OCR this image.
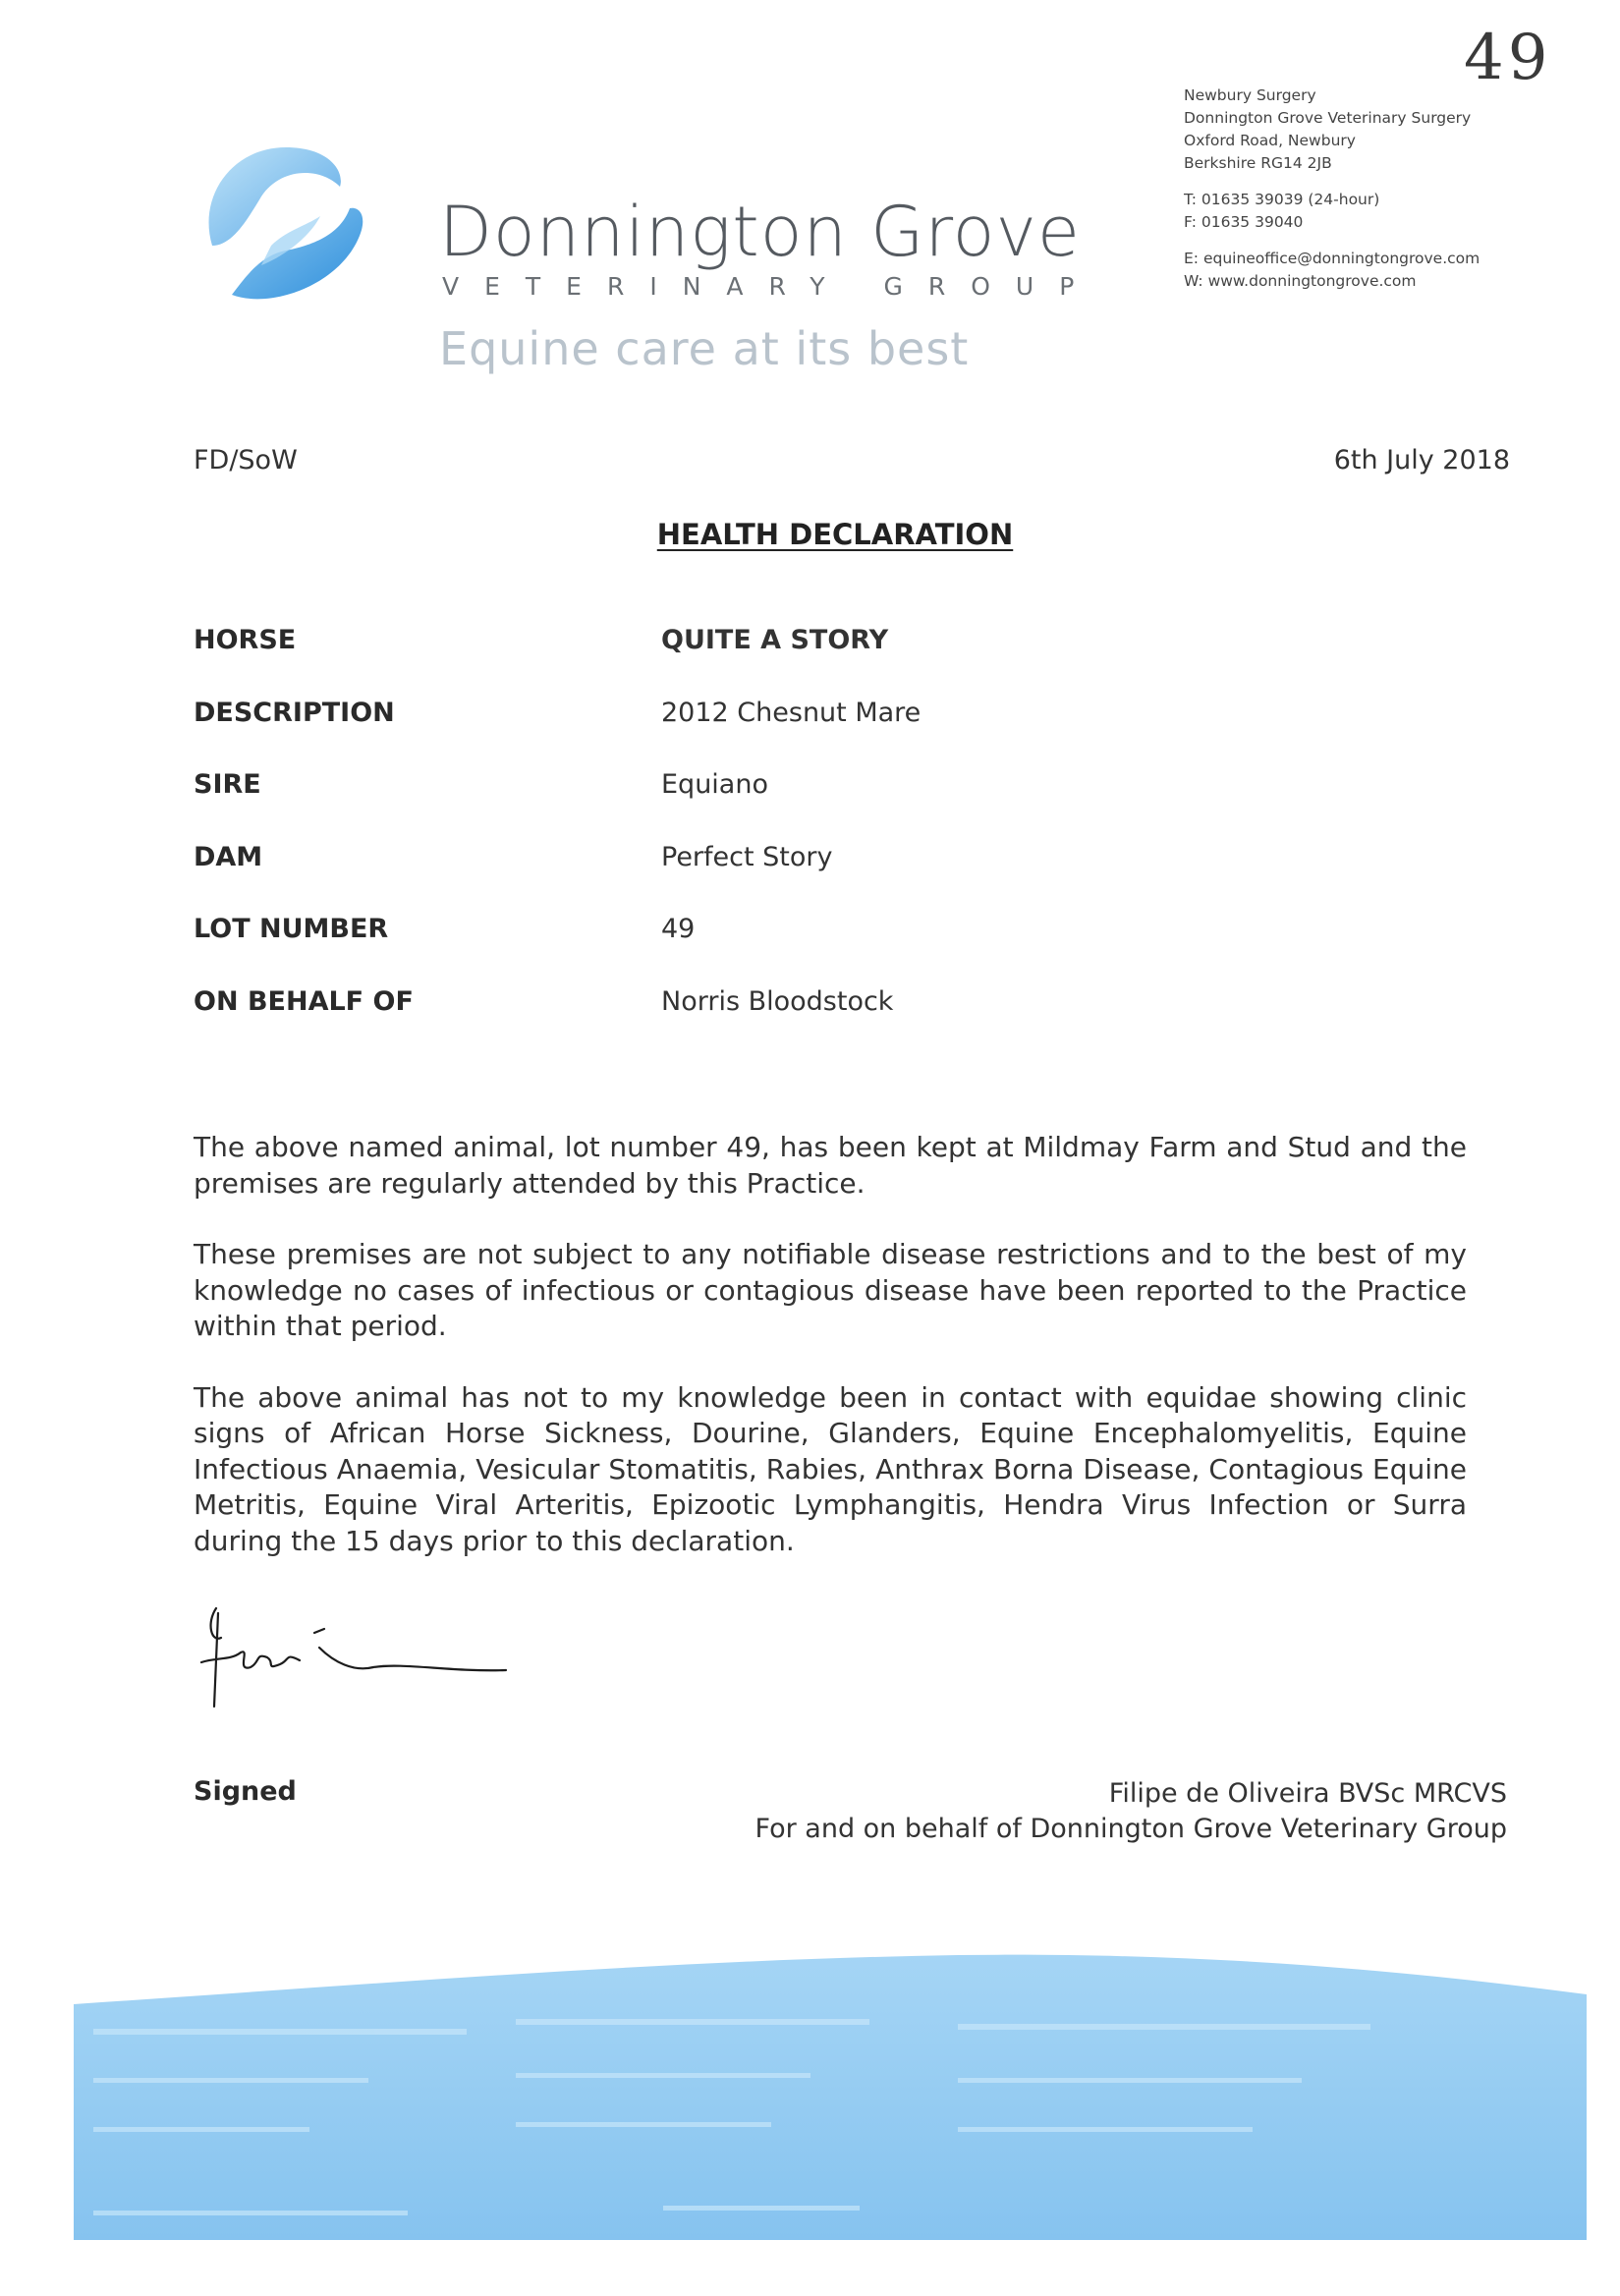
49
Donnington Grove
VETERINARY GROUP
Equine care at its best
Newbury Surgery
Donnington Grove Veterinary Surgery
Oxford Road, Newbury
Berkshire RG14 2JB
T: 01635 39039 (24-hour)
F: 01635 39040
E: equineoffice@donningtongrove.com
W: www.donningtongrove.com
FD/SoW	6th July 2018
HEALTH DECLARATION
HORSE	QUITE A STORY
DESCRIPTION	2012 Chesnut Mare
SIRE	Equiano
DAM	Perfect Story
LOT NUMBER	49
ON BEHALF OF	Norris Bloodstock

The above named animal, lot number 49, has been kept at Mildmay Farm and Stud and the premises are regularly attended by this Practice.

These premises are not subject to any notifiable disease restrictions and to the best of my knowledge no cases of infectious or contagious disease have been reported to the Practice within that period.

The above animal has not to my knowledge been in contact with equidae showing clinic signs of African Horse Sickness, Dourine, Glanders, Equine Encephalomyelitis, Equine Infectious Anaemia, Vesicular Stomatitis, Rabies, Anthrax Borna Disease, Contagious Equine Metritis, Equine Viral Arteritis, Epizootic Lymphangitis, Hendra Virus Infection or Surra during the 15 days prior to this declaration.

Signed	Filipe de Oliveira BVSc MRCVS
For and on behalf of Donnington Grove Veterinary Group
